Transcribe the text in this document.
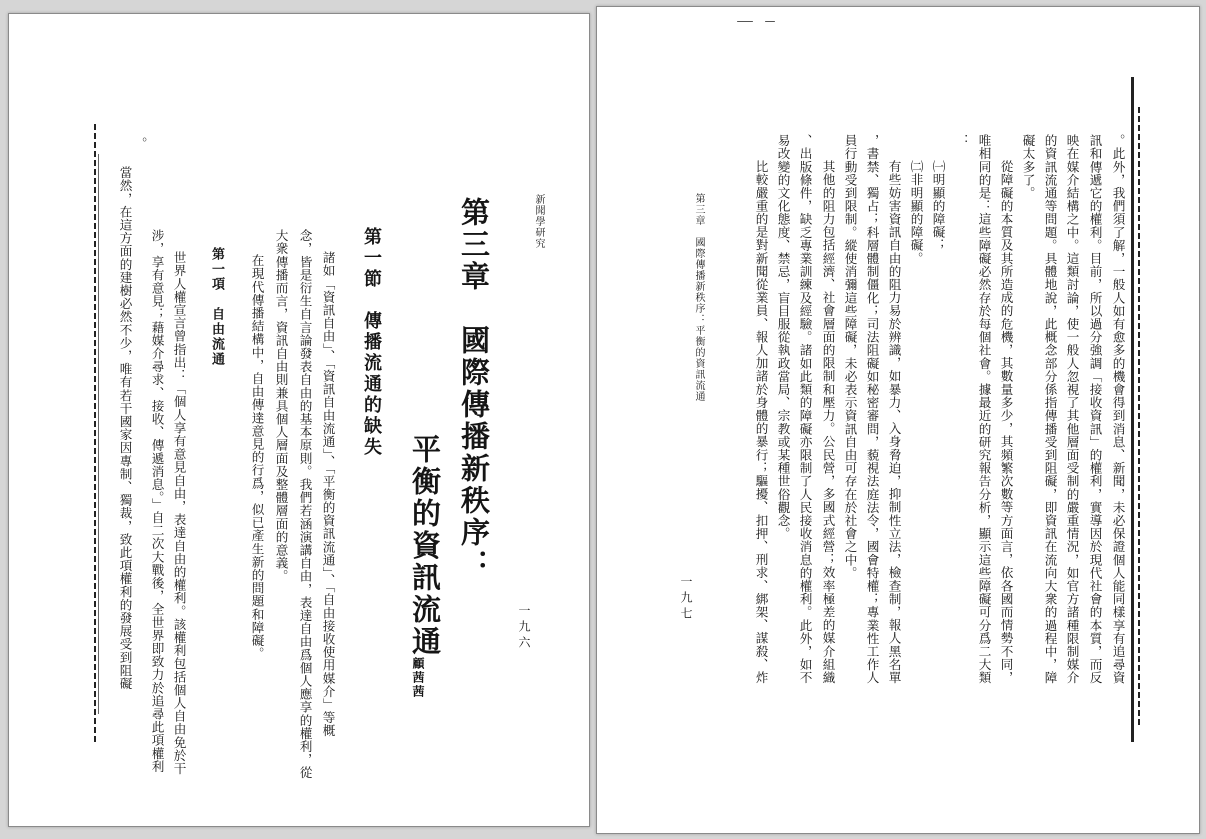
新聞學研究
一九六
第三章　國際傳播新秩序：
平衡的資訊流通
顧茜茜
第一節　傳播流通的缺失
諸如「資訊自由」、「資訊自由流通」、「平衡的資訊流通」、「自由接收使用媒介」等概
念，皆是衍生自言論發表自由的基本原則。我們若涵演講自由，表達自由爲個人應享的權利，從
大衆傳播而言，資訊自由則兼具個人層面及整體層面的意義。
在現代傳播結構中，自由傳達意見的行爲，似已產生新的問題和障礙。
第一項　自由流通
世界人權宣言曾指出：「個人享有意見自由，表達自由的權利。該權利包括個人自由免於干
涉，享有意見；藉媒介尋求、接收、傳遞消息。」自二次大戰後，全世界即致力於追尋此項權利
。
當然，在這方面的建樹必然不少，唯有若干國家因專制、獨裁，致此項權利的發展受到阻礙	。此外，我們須了解，一般人如有愈多的機會得到消息、新聞，未必保證個人能同樣享有追尋資
訊和傳遞它的權利。目前，所以過分強調「接收資訊」的權利，實導因於現代社會的本質，而反
映在媒介結構之中。這類討論，使一般人忽視了其他層面受制的嚴重情況，如官方諸種限制媒介
的資訊流通等問題。具體地說，此概念部分係指傳播受到阻礙，即資訊在流向大衆的過程中，障
礙太多了。
從障礙的本質及其所造成的危機，其數量多少，其頻繁次數等方面言，依各國而情勢不同，
唯相同的是：這些障礙必然存於每個社會。據最近的研究報告分析，顯示這些障礙可分爲二大類
：
㈠明顯的障礙；
㈡非明顯的障礙。
有些妨害資訊自由的阻力易於辨識，如暴力、入身脅迫，抑制性立法，檢查制，報人黑名單
，書禁、獨占；科層體制僵化；司法阻礙如秘密審問，藐視法庭法令，國會特權；專業性工作人
員行動受到限制。縱使消彌這些障礙，未必表示資訊自由可存在於社會之中。
其他的阻力包括經濟、社會層面的限制和壓力。公民營，多國式經營；效率極差的媒介組織
、出版條件，缺乏專業訓練及經驗。諸如此類的障礙亦限制了人民接收消息的權利。此外，如不
易改變的文化態度、禁忌，盲目服從執政當局、宗教或某種世俗觀念。
比較嚴重的是對新聞從業員、報人加諸於身體的暴行；驅擾、扣押、刑求、綁架、謀殺、炸
第三章　國際傳播新秩序：平衡的資訊流通
一九七
